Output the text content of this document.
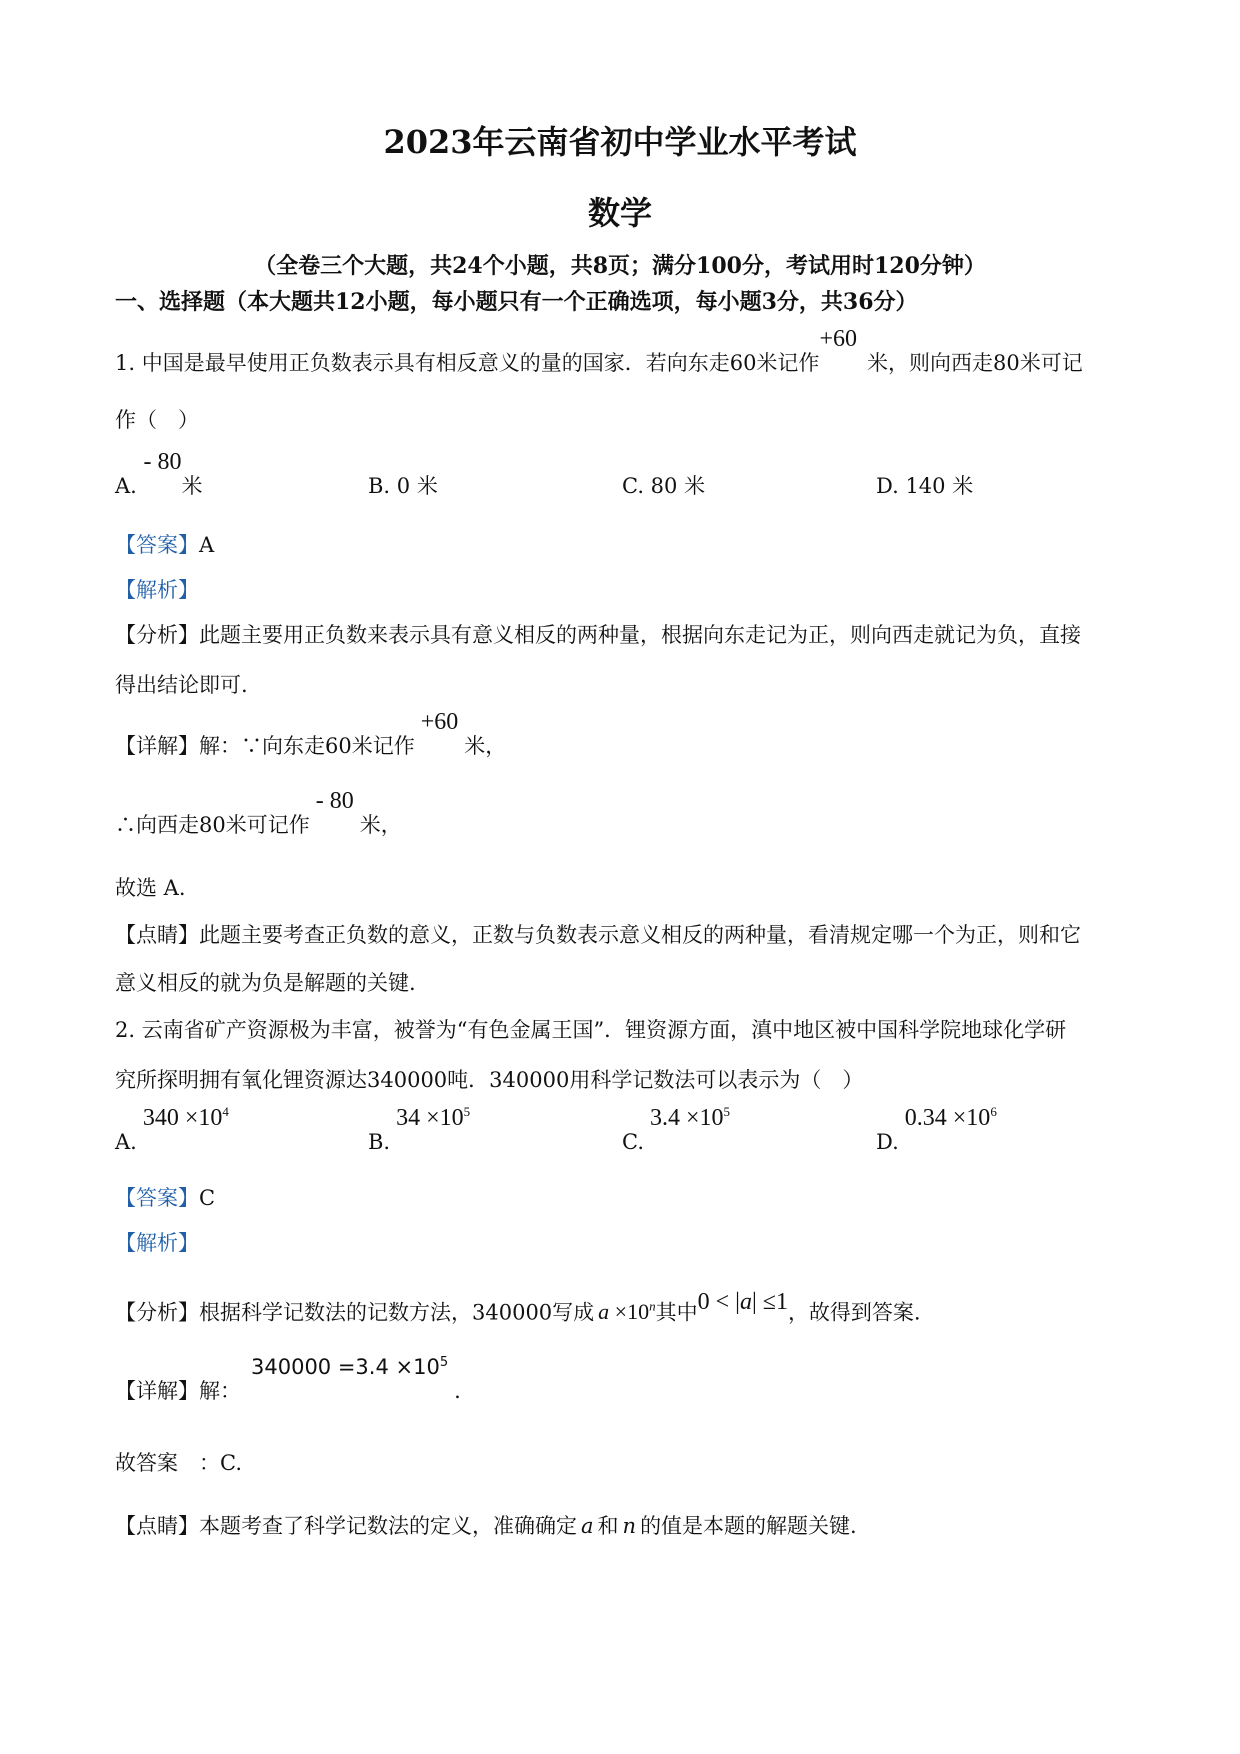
2023年云南省初中学业水平考试
数学
（全卷三个大题，共24个小题，共8页；满分100分，考试用时120分钟）
一、选择题（本大题共12小题，每小题只有一个正确选项，每小题3分，共36分）
1. 中国是最早使用正负数表示具有相反意义的量的国家．若向东走60米记作+60米，则向西走80米可记
作（　）
A. - 80米	B. 0 米	C. 80 米	D. 140 米
【答案】A
【解析】
【分析】此题主要用正负数来表示具有意义相反的两种量，根据向东走记为正，则向西走就记为负，直接
得出结论即可.
【详解】解：∵向东走60米记作+60米，
∴向西走80米可记作- 80米，
故选 A.
【点睛】此题主要考查正负数的意义，正数与负数表示意义相反的两种量，看清规定哪一个为正，则和它
意义相反的就为负是解题的关键.
2. 云南省矿产资源极为丰富，被誉为“有色金属王国”．锂资源方面，滇中地区被中国科学院地球化学研
究所探明拥有氧化锂资源达340000吨．340000用科学记数法可以表示为（　）
$A.340 \times 10^4$
$B.34 \times 10^5$
$C.3.4 \times 10^5$
$D.0.34 \times 10^6$
【答案】C
【解析】
【分析】根据科学记数法的记数方法，340000写成 $a \times 10^n$其中0 < |a| ≤1，故得到答案.
【详解】解：$340000 =3.4 \times 10^5$.
故答案　：C.
【点睛】本题考查了科学记数法的定义，准确确定 a 和 n 的值是本题的解题关键.
